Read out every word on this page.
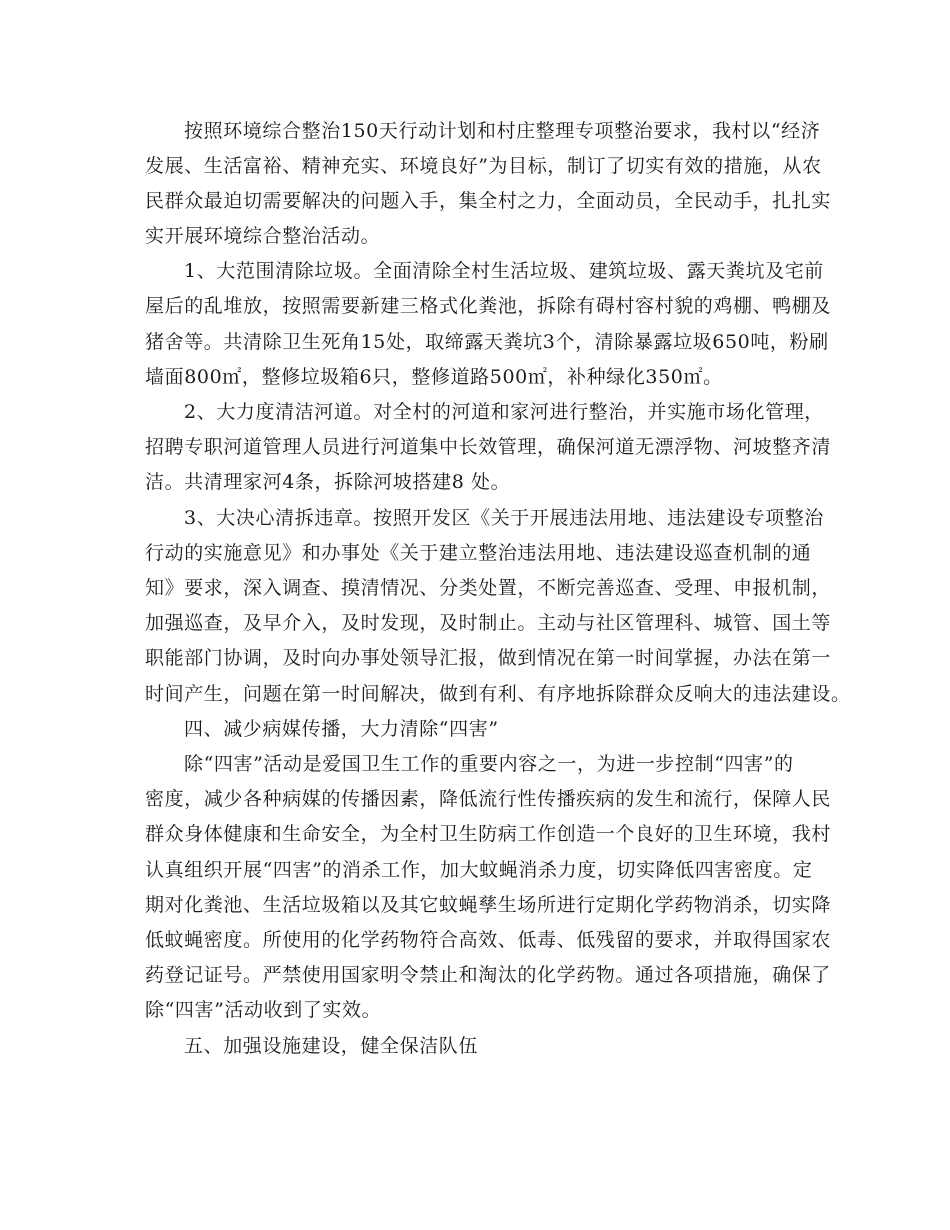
按照环境综合整治150天行动计划和村庄整理专项整治要求，我村以“经济

发展、生活富裕、精神充实、环境良好”为目标，制订了切实有效的措施，从农

民群众最迫切需要解决的问题入手，集全村之力，全面动员，全民动手，扎扎实

实开展环境综合整治活动。

1、大范围清除垃圾。全面清除全村生活垃圾、建筑垃圾、露天粪坑及宅前

屋后的乱堆放，按照需要新建三格式化粪池，拆除有碍村容村貌的鸡棚、鸭棚及

猪舍等。共清除卫生死角15处，取缔露天粪坑3个，清除暴露垃圾650吨，粉刷

墙面800㎡，整修垃圾箱6只，整修道路500㎡，补种绿化350㎡。

2、大力度清洁河道。对全村的河道和家河进行整治，并实施市场化管理，

招聘专职河道管理人员进行河道集中长效管理，确保河道无漂浮物、河坡整齐清

洁。共清理家河4条，拆除河坡搭建8 处。

3、大决心清拆违章。按照开发区《关于开展违法用地、违法建设专项整治

行动的实施意见》和办事处《关于建立整治违法用地、违法建设巡查机制的通

知》要求，深入调查、摸清情况、分类处置，不断完善巡查、受理、申报机制，

加强巡查，及早介入，及时发现，及时制止。主动与社区管理科、城管、国土等

职能部门协调，及时向办事处领导汇报，做到情况在第一时间掌握，办法在第一

时间产生，问题在第一时间解决，做到有利、有序地拆除群众反响大的违法建设。

四、减少病媒传播，大力清除“四害”

除“四害”活动是爱国卫生工作的重要内容之一，为进一步控制“四害”的

密度，减少各种病媒的传播因素，降低流行性传播疾病的发生和流行，保障人民

群众身体健康和生命安全，为全村卫生防病工作创造一个良好的卫生环境，我村

认真组织开展“四害”的消杀工作，加大蚊蝇消杀力度，切实降低四害密度。定

期对化粪池、生活垃圾箱以及其它蚊蝇孳生场所进行定期化学药物消杀，切实降

低蚊蝇密度。所使用的化学药物符合高效、低毒、低残留的要求，并取得国家农

药登记证号。严禁使用国家明令禁止和淘汰的化学药物。通过各项措施，确保了

除“四害”活动收到了实效。

五、加强设施建设，健全保洁队伍
